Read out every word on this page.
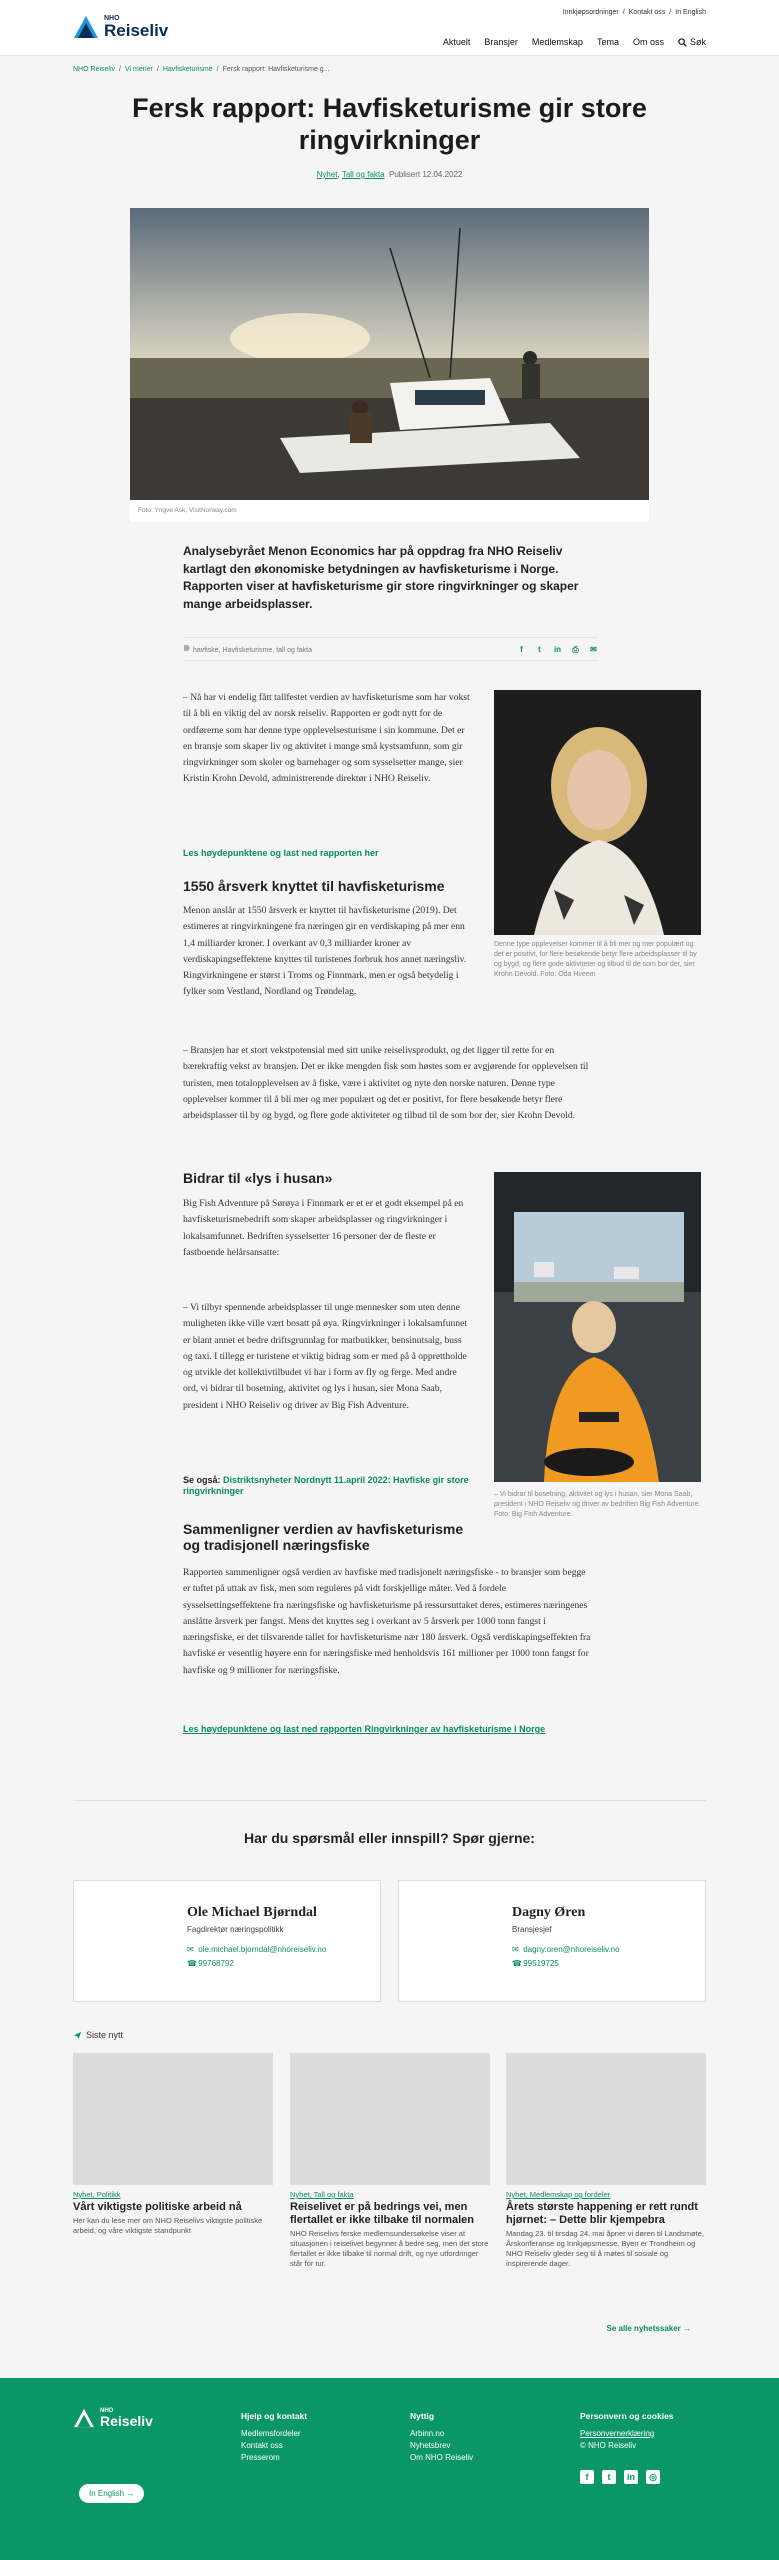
NHO
Reiseliv
Innkjøpsordninger / Kontakt oss / In English
Aktuelt Bransjer Medlemskap Tema Om oss	Søk
NHO Reiseliv / Vi mener / Havfisketurisme / Fersk rapport: Havfisketurisme g...
Fersk rapport: Havfisketurisme gir store ringvirkninger
Nyhet, Tall og fakta Publisert 12.04.2022
Foto: Yngve Ask, VisitNorway.com

Analysebyrået Menon Economics har på oppdrag fra NHO Reiseliv kartlagt den økonomiske betydningen av havfisketurisme i Norge. Rapporten viser at havfisketurisme gir store ringvirkninger og skaper mange arbeidsplasser.

havfiske, Havfisketurisme, tall og fakta	f	t	in ⎙ ✉

– Nå har vi endelig fått tallfestet verdien av havfisketurisme som har vokst til å bli en viktig del av norsk reiseliv. Rapporten er godt nytt for de ordførerne som har denne type opplevelsesturisme i sin kommune. Det er en bransje som skaper liv og aktivitet i mange små kystsamfunn, som gir ringvirkninger som skoler og barnehager og som sysselsetter mange, sier Kristin Krohn Devold, administrerende direktør i NHO Reiseliv.

Les høydepunktene og last ned rapporten her

Denne type opplevelser kommer til å bli mer og mer populært og det er positivt, for flere besøkende betyr flere arbeidsplasser til by og bygd, og flere gode aktiviteter og tilbud til de som bor der, sier Krohn Devold. Foto: Oda Hveem

1550 årsverk knyttet til havfisketurisme

Menon anslår at 1550 årsverk er knyttet til havfisketurisme (2019). Det estimeres at ringvirkningene fra næringen gir en verdiskaping på mer enn 1,4 milliarder kroner. I overkant av 0,3 milliarder kroner av verdiskapingseffektene knyttes til turistenes forbruk hos annet næringsliv. Ringvirkningene er størst i Troms og Finnmark, men er også betydelig i fylker som Vestland, Nordland og Trøndelag.

– Bransjen har et stort vekstpotensial med sitt unike reiselivsprodukt, og det ligger til rette for en bærekraftig vekst av bransjen. Det er ikke mengden fisk som høstes som er avgjørende for opplevelsen til turisten, men totalopplevelsen av å fiske, være i aktivitet og nyte den norske naturen. Denne type opplevelser kommer til å bli mer og mer populært og det er positivt, for flere besøkende betyr flere arbeidsplasser til by og bygd, og flere gode aktiviteter og tilbud til de som bor der, sier Krohn Devold.

Bidrar til «lys i husan»

Big Fish Adventure på Sørøya i Finnmark er et er et godt eksempel på en havfisketurismebedrift som skaper arbeidsplasser og ringvirkninger i lokalsamfunnet. Bedriften sysselsetter 16 personer der de fleste er fastboende helårsansatte:

– Vi tilbyr spennende arbeidsplasser til unge mennesker som uten denne muligheten ikke ville vært bosatt på øya. Ringvirkninger i lokalsamfunnet er blant annet et bedre driftsgrunnlag for matbutikker, bensinutsalg, buss og taxi. I tillegg er turistene et viktig bidrag som er med på å opprettholde og utvikle det kollektivtilbudet vi har i form av fly og ferge. Med andre ord, vi bidrar til bosetning, aktivitet og lys i husan, sier Mona Saab, president i NHO Reiseliv og driver av Big Fish Adventure.

Se også: Distriktsnyheter Nordnytt 11.april 2022: Havfiske gir store ringvirkninger	– Vi bidrar til bosetning, aktivitet og lys i husan, sier Mona Saab, president i NHO Reiseliv og driver av bedriften Big Fish Adventure. Foto: Big Fish Adventure.

Sammenligner verdien av havfisketurisme og tradisjonell næringsfiske

Rapporten sammenligner også verdien av havfiske med tradisjonelt næringsfiske - to bransjer som begge er tuftet på uttak av fisk, men som reguleres på vidt forskjellige måter. Ved å fordele sysselsettingseffektene fra næringsfiske og havfisketurisme på ressursuttaket deres, estimeres næringenes anslåtte årsverk per fangst. Mens det knyttes seg i overkant av 5 årsverk per 1000 tonn fangst i næringsfiske, er det tilsvarende tallet for havfisketurisme nær 180 årsverk. Også verdiskapingseffekten fra havfiske er vesentlig høyere enn for næringsfiske med henholdsvis 161 millioner per 1000 tonn fangst for havfiske og 9 millioner for næringsfiske.

Les høydepunktene og last ned rapporten Ringvirkninger av havfisketurisme i Norge
Har du spørsmål eller innspill? Spør gjerne:
Ole Michael Bjørndal
Fagdirektør næringspolitikk
✉ ole.michael.bjorndal@nhoreiseliv.no
☎ 99768792
Dagny Øren
Bransjesjef
✉ dagny.oren@nhoreiseliv.no
☎ 99519725
Siste nytt
Nyhet, Politikk
Vårt viktigste politiske arbeid nå
Her kan du lese mer om NHO Reiselivs viktigste politiske arbeid, og våre viktigste standpunkt
Nyhet, Tall og fakta
Reiselivet er på bedrings vei, men flertallet er ikke tilbake til normalen
NHO Reiselivs ferske medlemsundersøkelse viser at situasjonen i reiselivet begynner å bedre seg, men det store flertallet er ikke tilbake til normal drift, og nye utfordringer står for tur.
Nyhet, Medlemskap og fordeler
Årets største happening er rett rundt hjørnet: – Dette blir kjempebra
Mandag 23. til tirsdag 24. mai åpner vi døren til Landsmøte, Årskonferanse og Innkjøpsmesse. Byen er Trondheim og NHO Reiseliv gleder seg til å møtes til sosiale og inspirerende dager.
Se alle nyhetssaker →
NHO
Reiseliv	Hjelp og kontakt
Medlemsfordeler
Kontakt oss
Presserom
Nyttig
Arbinn.no
Nyhetsbrev
Om NHO Reiseliv
Personvern og cookies
Personvernerklæring
© NHO Reiseliv
f	t	in	◎
In English →
